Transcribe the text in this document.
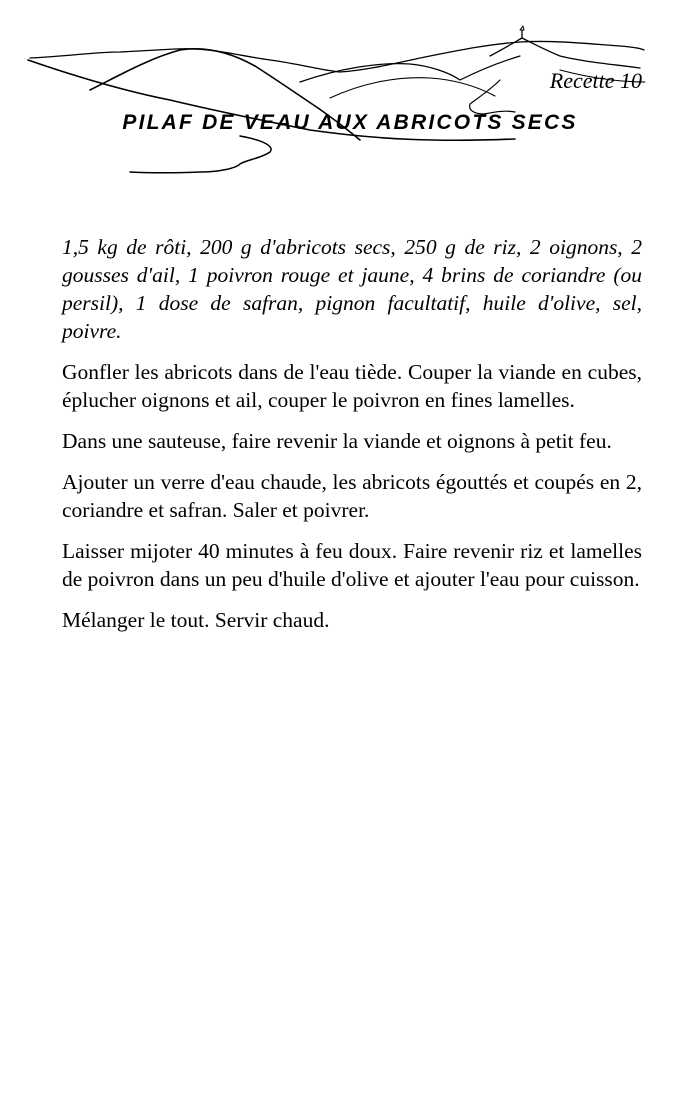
Recette 10
PILAF DE VEAU AUX ABRICOTS SECS

1,5 kg de rôti, 200 g d'abricots secs, 250 g de riz, 2 oignons, 2 gousses d'ail, 1 poivron rouge et jaune, 4 brins de coriandre (ou persil), 1 dose de safran, pignon facultatif, huile d'olive, sel, poivre.

Gonfler les abricots dans de l'eau tiède. Couper la viande en cubes, éplucher oignons et ail, couper le poivron en fines lamelles.

Dans une sauteuse, faire revenir la viande et oignons à petit feu.

Ajouter un verre d'eau chaude, les abricots égouttés et coupés en 2, coriandre et safran. Saler et poivrer.

Laisser mijoter 40 minutes à feu doux. Faire revenir riz et lamelles de poivron dans un peu d'huile d'olive et ajouter l'eau pour cuisson.

Mélanger le tout. Servir chaud.
